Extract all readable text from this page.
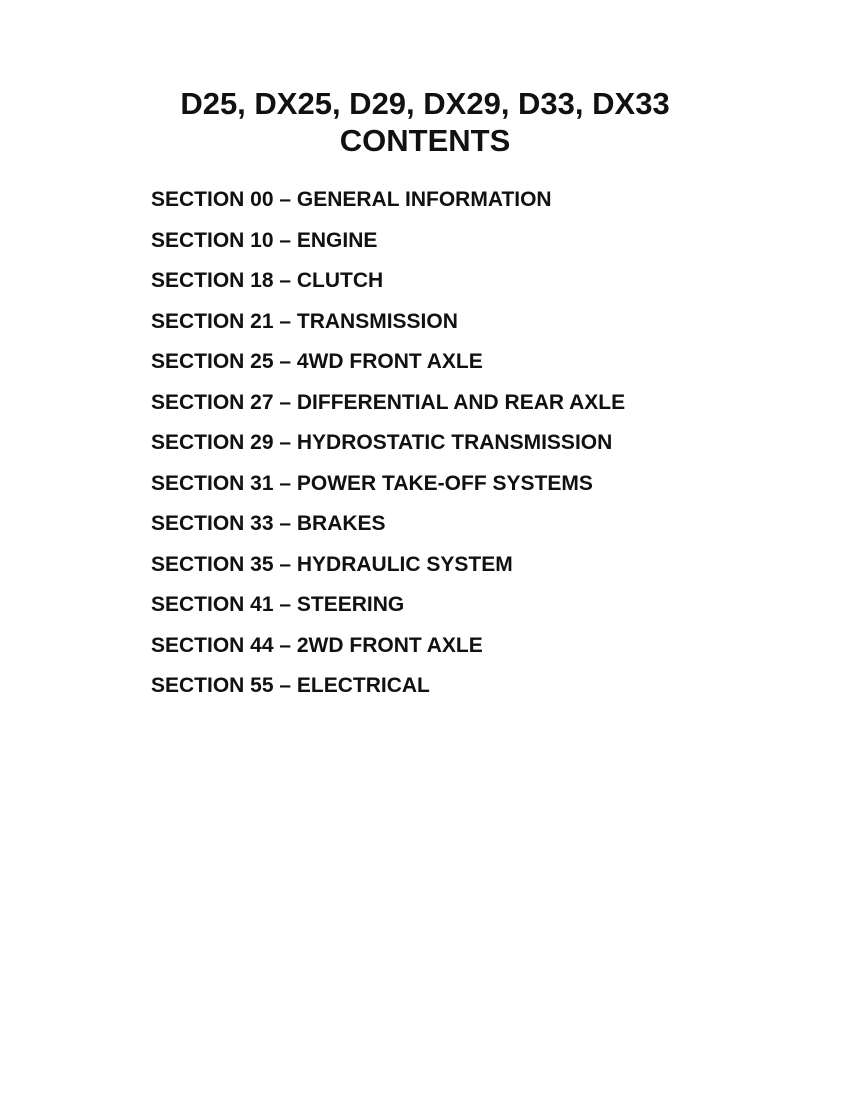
D25, DX25, D29, DX29, D33, DX33
CONTENTS
SECTION 00 – GENERAL INFORMATION
SECTION 10 – ENGINE
SECTION 18 – CLUTCH
SECTION 21 – TRANSMISSION
SECTION 25 – 4WD FRONT AXLE
SECTION 27 – DIFFERENTIAL AND REAR AXLE
SECTION 29 – HYDROSTATIC TRANSMISSION
SECTION 31 – POWER TAKE-OFF SYSTEMS
SECTION 33 – BRAKES
SECTION 35 – HYDRAULIC SYSTEM
SECTION 41 – STEERING
SECTION 44 – 2WD FRONT AXLE
SECTION 55 – ELECTRICAL
